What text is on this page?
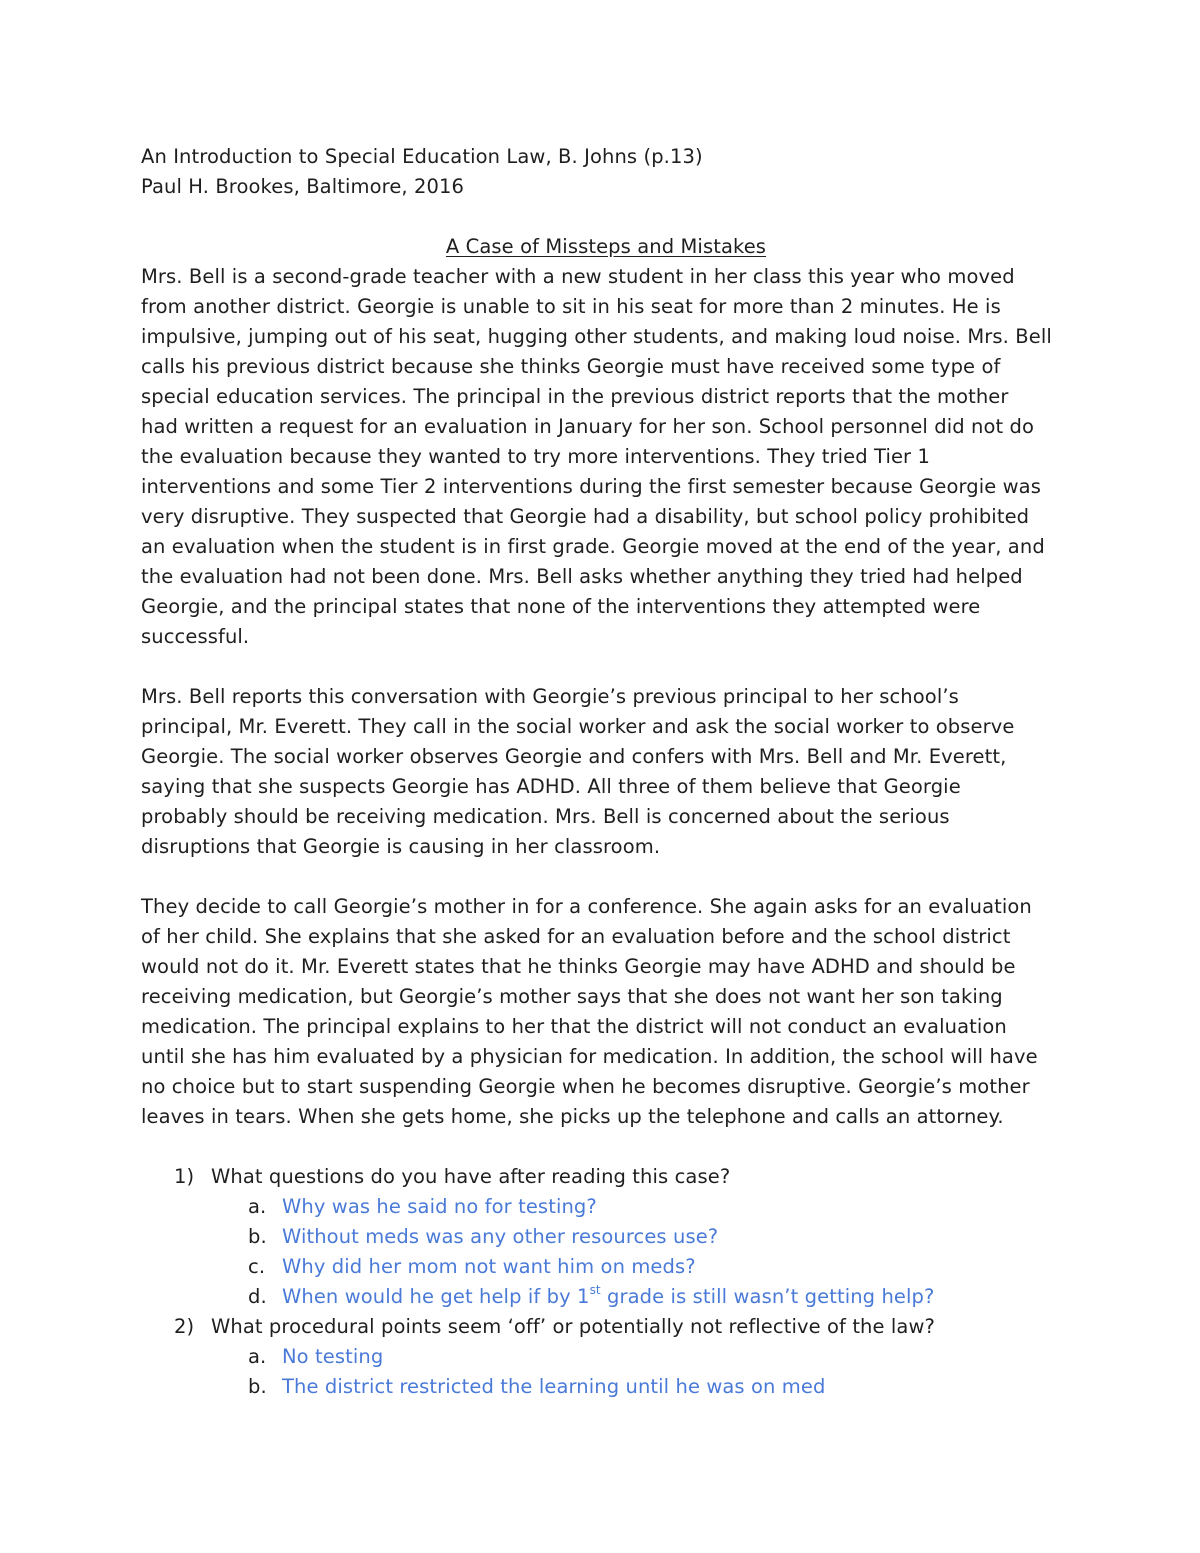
An Introduction to Special Education Law, B. Johns (p.13)

Paul H. Brookes, Baltimore, 2016

A Case of Missteps and Mistakes

Mrs. Bell is a second-grade teacher with a new student in her class this year who moved

from another district. Georgie is unable to sit in his seat for more than 2 minutes. He is

impulsive, jumping out of his seat, hugging other students, and making loud noise. Mrs. Bell

calls his previous district because she thinks Georgie must have received some type of

special education services. The principal in the previous district reports that the mother

had written a request for an evaluation in January for her son. School personnel did not do

the evaluation because they wanted to try more interventions. They tried Tier 1

interventions and some Tier 2 interventions during the first semester because Georgie was

very disruptive. They suspected that Georgie had a disability, but school policy prohibited

an evaluation when the student is in first grade. Georgie moved at the end of the year, and

the evaluation had not been done. Mrs. Bell asks whether anything they tried had helped

Georgie, and the principal states that none of the interventions they attempted were

successful.

Mrs. Bell reports this conversation with Georgie’s previous principal to her school’s

principal, Mr. Everett. They call in the social worker and ask the social worker to observe

Georgie. The social worker observes Georgie and confers with Mrs. Bell and Mr. Everett,

saying that she suspects Georgie has ADHD. All three of them believe that Georgie

probably should be receiving medication. Mrs. Bell is concerned about the serious

disruptions that Georgie is causing in her classroom.

They decide to call Georgie’s mother in for a conference. She again asks for an evaluation

of her child. She explains that she asked for an evaluation before and the school district

would not do it. Mr. Everett states that he thinks Georgie may have ADHD and should be

receiving medication, but Georgie’s mother says that she does not want her son taking

medication. The principal explains to her that the district will not conduct an evaluation

until she has him evaluated by a physician for medication. In addition, the school will have

no choice but to start suspending Georgie when he becomes disruptive. Georgie’s mother

leaves in tears. When she gets home, she picks up the telephone and calls an attorney.

1) What questions do you have after reading this case?
a. Why was he said no for testing?
b. Without meds was any other resources use?
c. Why did her mom not want him on meds?
d. When would he get help if by 1st grade is still wasn’t getting help?
2) What procedural points seem ‘off’ or potentially not reflective of the law?
a. No testing
b. The district restricted the learning until he was on med
